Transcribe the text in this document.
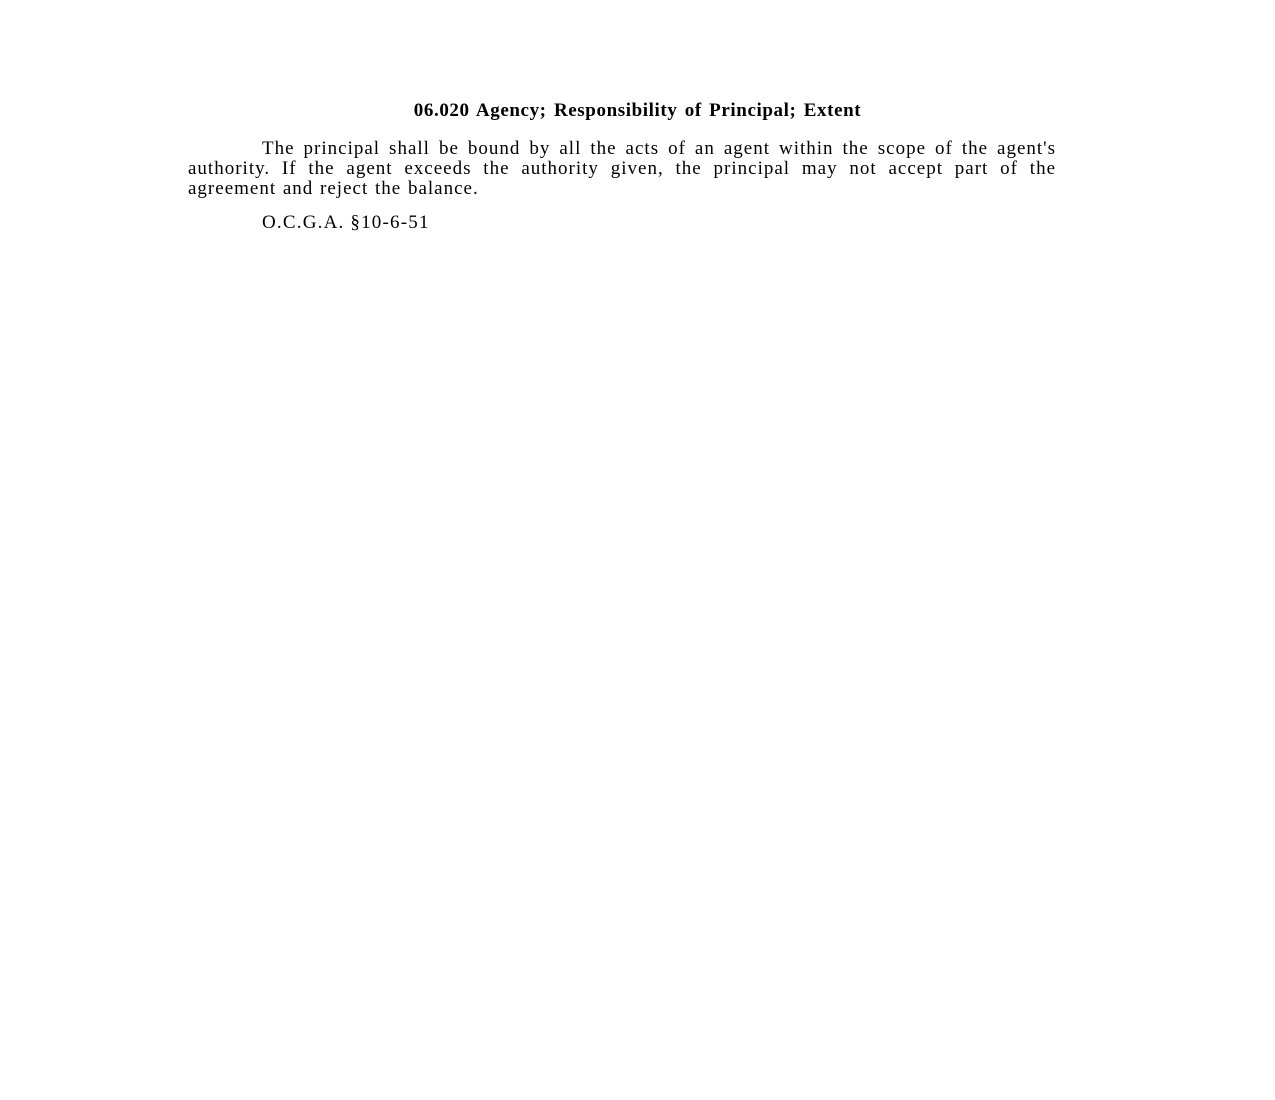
06.020 Agency; Responsibility of Principal; Extent

The principal shall be bound by all the acts of an agent within the scope of the agent's authority. If the agent exceeds the authority given, the principal may not accept part of the agreement and reject the balance.

O.C.G.A. §10-6-51
